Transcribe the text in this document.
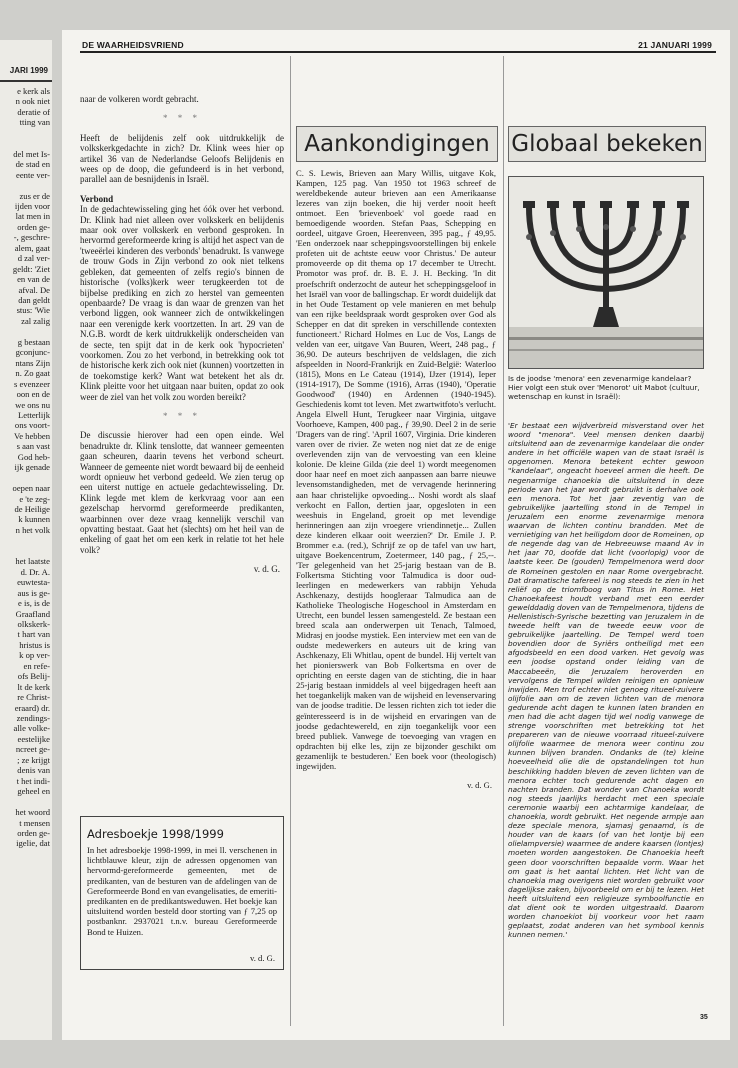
JARI 1999
e kerk als
n ook niet
deratie of
tting van
del met Is-
de stad en
eente ver-
zus er de
ijden voor
lat men in
orden ge-
-, geschre-
alem, gaat
d zal ver-
geldt: 'Ziet
en van de
afval. De
dan geldt
stus: 'Wie
zal zalig
g bestaan
gconjunc-
ntans Zijn
n. Zo gaat
s evenzeer
oon en de
we ons nu
Letterlijk
ons voort-
Ve hebben
s aan vast
God heb-
ijk genade
oepen naar
e 'te zeg-
de Heilige
k kunnen
n het volk
het laatste
d. Dr. A.
euwtesta-
aus is ge-
e is, is de
Graafland
olkskerk-
t hart van
hristus is
k op ver-
en refe-
ofs Belij-
lt de kerk
re Christ-
eraard) dr.
zendings-
alle volke-
eestelijke
ncreet ge-
; ze krijgt
denis van
t het indi-
geheel en
het woord
t mensen
orden ge-
igelie, dat
DE WAARHEIDSVRIEND	21 JANUARI 1999

naar de volkeren wordt gebracht.

* * *

Heeft de belijdenis zelf ook uitdrukkelijk de volkskerkgedachte in zich? Dr. Klink wees hier op artikel 36 van de Nederlandse Geloofs Belijdenis en wees op de doop, die gefundeerd is in het verbond, parallel aan de besnijdenis in Israël.

Verbond

In de gedachtewisseling ging het óók over het verbond. Dr. Klink had niet alleen over volkskerk en belijdenis maar ook over volkskerk en verbond gesproken. In hervormd gereformeerde kring is altijd het aspect van de 'tweeërlei kinderen des verbonds' benadrukt. Is vanwege de trouw Gods in Zijn verbond zo ook niet telkens gebleken, dat gemeenten of zelfs regio's binnen de historische (volks)kerk weer terugkeerden tot de bijbelse prediking en zich zo herstel van gemeenten openbaarde? De vraag is dan waar de grenzen van het verbond liggen, ook wanneer zich de ontwikkelingen naar een verenigde kerk voortzetten. In art. 29 van de N.G.B. wordt de kerk uitdrukkelijk onderscheiden van de secte, ten spijt dat in de kerk ook 'hypocrieten' voorkomen. Zou zo het verbond, in betrekking ook tot de historische kerk zich ook niet (kunnen) voortzetten in de toekomstige kerk? Want wat betekent het als dr. Klink pleitte voor het uitgaan naar buiten, opdat zo ook weer de ziel van het volk zou worden bereikt?

* * *

De discussie hierover had een open einde. Wel benadrukte dr. Klink tenslotte, dat wanneer gemeenten gaan scheuren, daarin tevens het verbond scheurt. Wanneer de gemeente niet wordt bewaard bij de eenheid wordt opnieuw het verbond gedeeld. We zien terug op een uiterst nuttige en actuele gedachtewisseling. Dr. Klink legde met klem de kerkvraag voor aan een gezelschap hervormd gereformeerde predikanten, waarbinnen over deze vraag kennelijk verschil van opvatting bestaat. Gaat het (slechts) om het heil van de enkeling of gaat het om een kerk in relatie tot het hele volk?

v. d. G.
Adresboekje 1998/1999
In het adresboekje 1998-1999, in mei ll. verschenen in lichtblauwe kleur, zijn de adressen opgenomen van hervormd-gereformeerde gemeenten, met de predikanten, van de besturen van de afdelingen van de Gereformeerde Bond en van evangelisaties, de emeriti-predikanten en de predikantsweduwen. Het boekje kan uitsluitend worden besteld door storting van ƒ 7,25 op postbanknr. 2937021 t.n.v. bureau Gereformeerde Bond te Huizen.
v. d. G.
Aankondigingen

C. S. Lewis, Brieven aan Mary Willis, uitgave Kok, Kampen, 125 pag. Van 1950 tot 1963 schreef de wereldbekende auteur brieven aan een Amerikaanse lezeres van zijn boeken, die hij verder nooit heeft ontmoet. Een 'brievenboek' vol goede raad en bemoedigende woorden. Stefan Paas, Schepping en oordeel, uitgave Groen, Heerenveen, 395 pag., ƒ 49,95. 'Een onderzoek naar scheppingsvoorstellingen bij enkele profeten uit de achtste eeuw voor Christus.' De auteur promoveerde op dit thema op 17 december te Utrecht. Promotor was prof. dr. B. E. J. H. Becking. 'In dit proefschrift onderzocht de auteur het scheppingsgeloof in het Israël van voor de ballingschap. Er wordt duidelijk dat in het Oude Testament op vele manieren en met behulp van een rijke beeldspraak wordt gesproken over God als Schepper en dat dit spreken in verschillende contexten functioneert.' Richard Holmes en Luc de Vos, Langs de velden van eer, uitgave Van Buuren, Weert, 248 pag., ƒ 36,90. De auteurs beschrijven de veldslagen, die zich afspeelden in Noord-Frankrijk en Zuid-België: Waterloo (1815), Mons en Le Cateau (1914), IJzer (1914), Ieper (1914-1917), De Somme (1916), Arras (1940), 'Operatie Goodwood' (1940) en Ardennen (1940-1945). Geschiedenis komt tot leven. Met zwartwitfoto's verlucht. Angela Elwell Hunt, Terugkeer naar Virginia, uitgave Voorhoeve, Kampen, 400 pag., ƒ 39,90. Deel 2 in de serie 'Dragers van de ring'. 'April 1607, Virginia. Drie kinderen varen over de rivier. Ze weten nog niet dat ze de enige overlevenden zijn van de vervoesting van een kleine kolonie. De kleine Gilda (zie deel 1) wordt meegenomen door haar neef en moet zich aanpassen aan barre nieuwe levensomstandigheden, met de vervagende herinnering aan haar christelijke opvoeding... Noshi wordt als slaaf verkocht en Fallon, dertien jaar, opgesloten in een weeshuis in Engeland, groeit op met levendige herinneringen aan zijn vroegere vriendinnetje... Zullen deze kinderen elkaar ooit weerzien?' Dr. Emile J. P. Brommer e.a. (red.), Schrijf ze op de tafel van uw hart, uitgave Boekencentrum, Zoetermeer, 140 pag., ƒ 25,--. 'Ter gelegenheid van het 25-jarig bestaan van de B. Folkertsma Stichting voor Talmudica is door oud-leerlingen en medewerkers van rabbijn Yehuda Aschkenazy, destijds hoogleraar Talmudica aan de Katholieke Theologische Hogeschool in Amsterdam en Utrecht, een bundel lessen samengesteld. Ze bestaan een breed scala aan onderwerpen uit Tenach, Talmoed, Midrasj en joodse mystiek. Een interview met een van de oudste medewerkers en auteurs uit de kring van Aschkenazy, Eli Whitlau, opent de bundel. Hij vertelt van het pionierswerk van Bob Folkertsma en over de oprichting en eerste dagen van de stichting, die in haar 25-jarig bestaan inmiddels al veel bijgedragen heeft aan het toegankelijk maken van de wijsheid en levenservaring van de joodse traditie. De lessen richten zich tot ieder die geïnteresseerd is in de wijsheid en ervaringen van de joodse gedachtewereld, en zijn toegankelijk voor een breed publiek. Vanwege de toevoeging van vragen en opdrachten bij elke les, zijn ze bijzonder geschikt om gezamenlijk te bestuderen.' Een boek voor (theologisch) ingewijden.

v. d. G.
Globaal bekeken
Is de joodse 'menora' een zevenarmige kandelaar? Hier volgt een stuk over 'Menorot' uit Mabot (cultuur, wetenschap en kunst in Israël):

'Er bestaat een wijdverbreid misverstand over het woord "menora". Veel mensen denken daarbij uitsluitend aan de zevenarmige kandelaar die onder andere in het officiële wapen van de staat Israël is opgenomen. Menora betekent echter gewoon "kandelaar", ongeacht hoeveel armen die heeft. De negenarmige chanoekia die uitsluitend in deze periode van het jaar wordt gebruikt is derhalve ook een menora. Tot het jaar zeventig van de gebruikelijke jaartelling stond in de Tempel in Jeruzalem een enorme zevenarmige menora waarvan de lichten continu brandden. Met de vernietiging van het heiligdom door de Romeinen, op de negende dag van de Hebreeuwse maand Av in het jaar 70, doofde dat licht (voorlopig) voor de laatste keer. De (gouden) Tempelmenora werd door de Romeinen gestolen en naar Rome overgebracht. Dat dramatische tafereel is nog steeds te zien in het reliëf op de triomfboog van Titus in Rome. Het Chanoekafeest houdt verband met een eerder gewelddadig doven van de Tempelmenora, tijdens de Hellenistisch-Syrische bezetting van Jeruzalem in de tweede helft van de tweede eeuw voor de gebruikelijke jaartelling. De Tempel werd toen bovendien door de Syriërs ontheiligd met een afgodsbeeld en een dood varken. Het gevolg was een joodse opstand onder leiding van de Maccabeeën, die Jeruzalem heroverden en vervolgens de Tempel wilden reinigen en opnieuw inwijden. Men trof echter niet genoeg ritueel-zuivere olijfolie aan om de zeven lichten van de menora gedurende acht dagen te kunnen laten branden en men had die acht dagen tijd wel nodig vanwege de strenge voorschriften met betrekking tot het prepareren van de nieuwe voorraad ritueel-zuivere olijfolie waarmee de menora weer continu zou kunnen blijven branden. Ondanks de (te) kleine hoeveelheid olie die de opstandelingen tot hun beschikking hadden bleven de zeven lichten van de menora echter toch gedurende acht dagen en nachten branden. Dat wonder van Chanoeka wordt nog steeds jaarlijks herdacht met een speciale ceremonie waarbij een achtarmige kandelaar, de chanoekia, wordt gebruikt. Het negende armpje aan deze speciale menora, sjamasj genaamd, is de houder van de kaars (of van het lontje bij een olielampversie) waarmee de andere kaarsen (lontjes) moeten worden aangestoken. De Chanoekia heeft geen door voorschriften bepaalde vorm. Waar het om gaat is het aantal lichten. Het licht van de chanoekia mag overigens niet worden gebruikt voor dagelijkse zaken, bijvoorbeeld om er bij te lezen. Het heeft uitsluitend een religieuze symboolfunctie en dat dient ook te worden uitgestraald. Daarom worden chanoekiot bij voorkeur voor het raam geplaatst, zodat anderen van het symbool kennis kunnen nemen.'

35
